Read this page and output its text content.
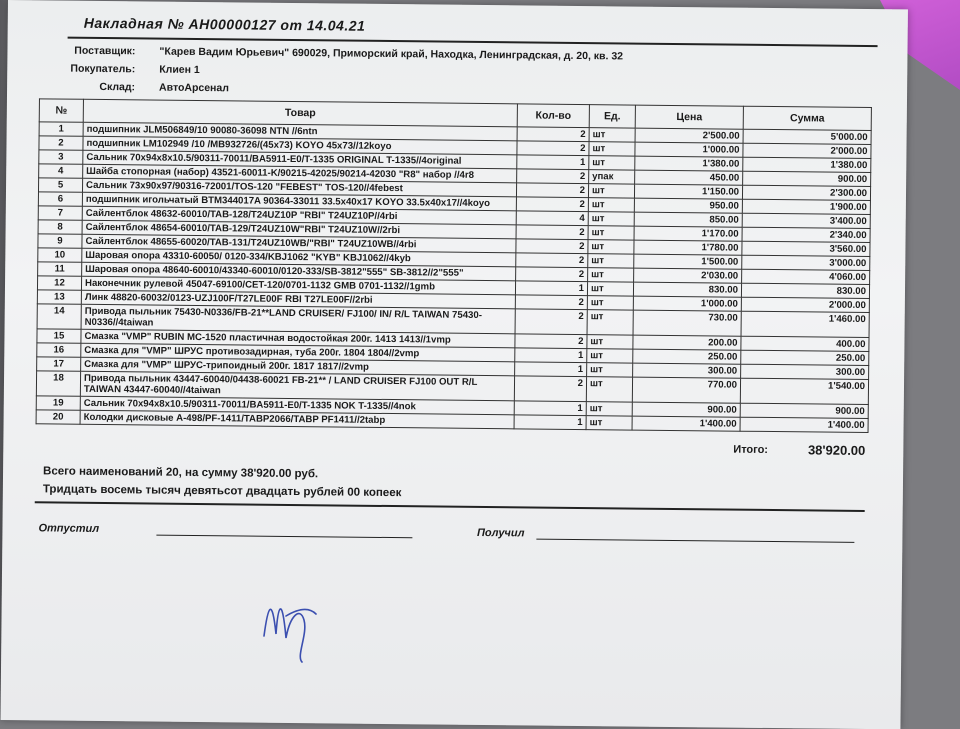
Накладная № АН00000127 от 14.04.21
Поставщик:	"Карев Вадим Юрьевич" 690029, Приморский край, Находка, Ленинградская, д. 20, кв. 32
Покупатель:	Клиен 1
Склад:	АвтоАрсенал
№	Товар	Кол-во	Ед.	Цена	Сумма
1	подшипник JLM506849/10 90080-36098 NTN //6ntn	2	шт	2'500.00	5'000.00
2	подшипник LM102949 /10 /MB932726/(45x73) KOYO 45x73//12koyo	2	шт	1'000.00	2'000.00
3	Сальник 70x94x8x10.5/90311-70011/BA5911-E0/T-1335 ORIGINAL T-1335//4original	1	шт	1'380.00	1'380.00
4	Шайба стопорная (набор) 43521-60011-K/90215-42025/90214-42030 "R8" набор //4r8	2	упак	450.00	900.00
5	Сальник 73x90x97/90316-72001/TOS-120 "FEBEST" TOS-120//4febest	2	шт	1'150.00	2'300.00
6	подшипник игольчатый BTM344017A 90364-33011 33.5x40x17 KOYO 33.5x40x17//4koyo	2	шт	950.00	1'900.00
7	Сайлентблок 48632-60010/TAB-128/T24UZ10P "RBI" T24UZ10P//4rbi	4	шт	850.00	3'400.00
8	Сайлентблок 48654-60010/TAB-129/T24UZ10W"RBI" T24UZ10W//2rbi	2	шт	1'170.00	2'340.00
9	Сайлентблок 48655-60020/TAB-131/T24UZ10WB/"RBI" T24UZ10WB//4rbi	2	шт	1'780.00	3'560.00
10	Шаровая опора 43310-60050/ 0120-334/KBJ1062 "KYB" KBJ1062//4kyb	2	шт	1'500.00	3'000.00
11	Шаровая опора 48640-60010/43340-60010/0120-333/SB-3812"555" SB-3812//2"555"	2	шт	2'030.00	4'060.00
12	Наконечник рулевой 45047-69100/CET-120/0701-1132 GMB 0701-1132//1gmb	1	шт	830.00	830.00
13	Линк 48820-60032/0123-UZJ100F/T27LE00F RBI T27LE00F//2rbi	2	шт	1'000.00	2'000.00
14	Привода пыльник 75430-N0336/FB-21**LAND CRUISER/ FJ100/ IN/ R/L TAIWAN 75430-N0336//4taiwan	2	шт	730.00	1'460.00
15	Смазка "VMP" RUBIN MC-1520 пластичная водостойкая 200г. 1413 1413//1vmp	2	шт	200.00	400.00
16	Смазка для "VMP" ШРУС противозадирная, туба 200г. 1804 1804//2vmp	1	шт	250.00	250.00
17	Смазка для "VMP" ШРУС-трипоидный 200г. 1817 1817//2vmp	1	шт	300.00	300.00
18	Привода пыльник 43447-60040/04438-60021 FB-21** / LAND CRUISER FJ100 OUT R/L TAIWAN 43447-60040//4taiwan	2	шт	770.00	1'540.00
19	Сальник 70x94x8x10.5/90311-70011/BA5911-E0/T-1335 NOK T-1335//4nok	1	шт	900.00	900.00
20	Колодки дисковые A-498/PF-1411/TABP2066/TABP PF1411//2tabp	1	шт	1'400.00	1'400.00
Итого:	38'920.00
Всего наименований 20, на сумму 38'920.00 руб.
Тридцать восемь тысяч девятьсот двадцать рублей 00 копеек
Отпустил	Получил
